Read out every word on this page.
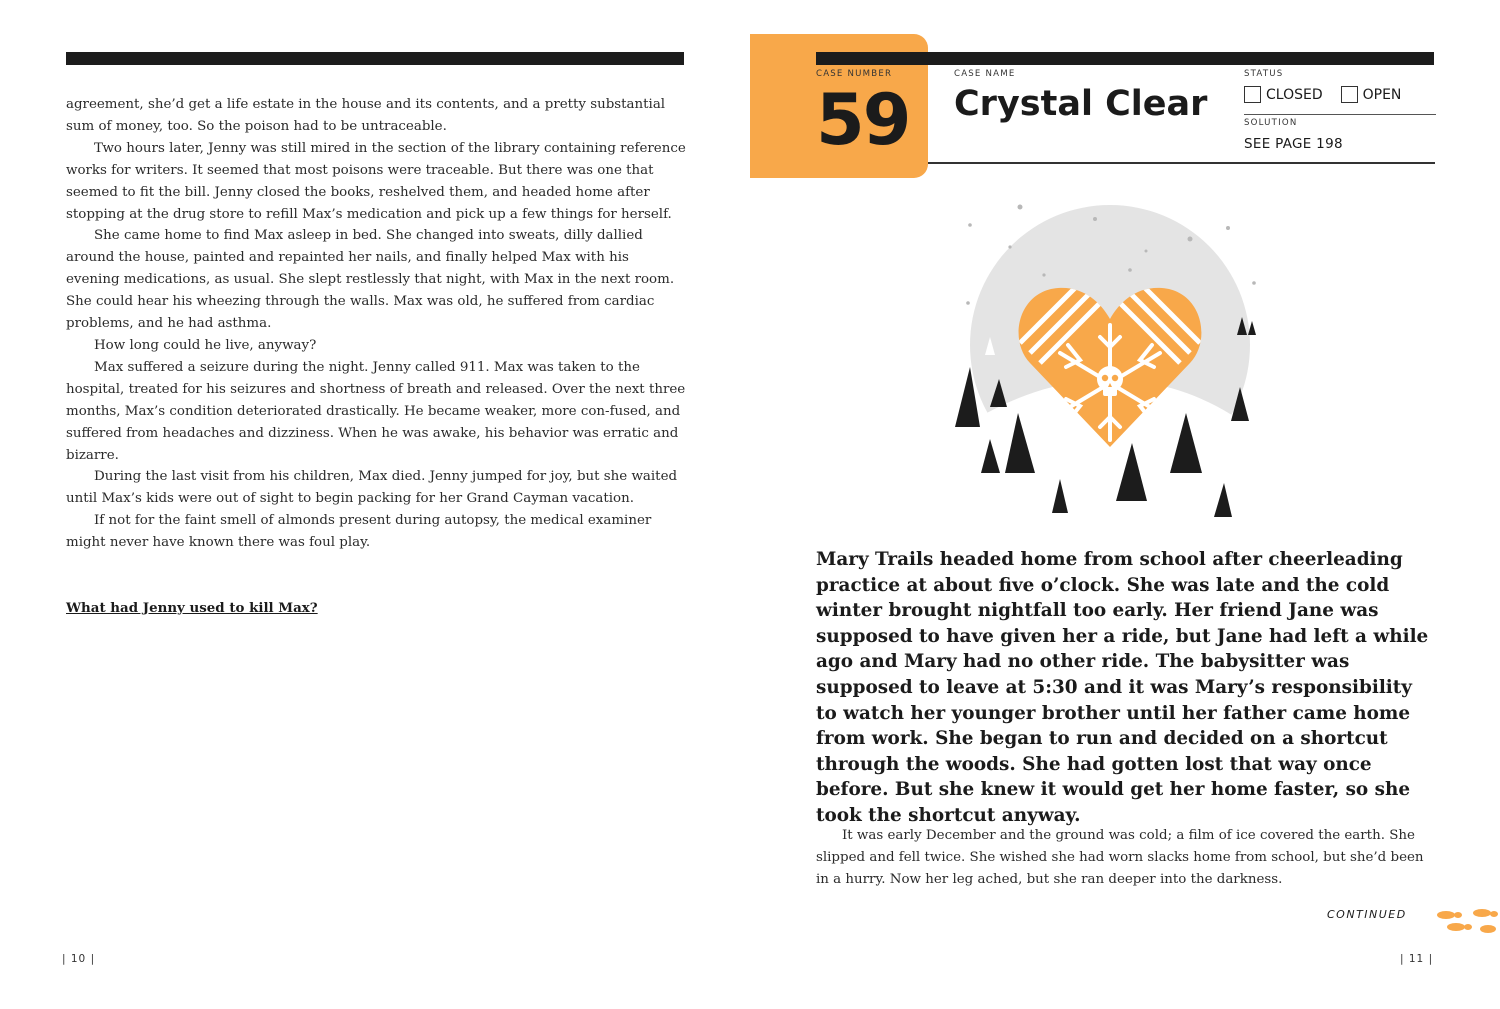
agreement, she’d get a life estate in the house and its contents, and a pretty substantial sum of money, too. So the poison had to be untraceable.

Two hours later, Jenny was still mired in the section of the library containing reference works for writers. It seemed that most poisons were traceable. But there was one that seemed to fit the bill. Jenny closed the books, reshelved them, and headed home after stopping at the drug store to refill Max’s medication and pick up a few things for herself.

She came home to find Max asleep in bed. She changed into sweats, dilly dallied around the house, painted and repainted her nails, and finally helped Max with his evening medications, as usual. She slept restlessly that night, with Max in the next room. She could hear his wheezing through the walls. Max was old, he suffered from cardiac problems, and he had asthma.

How long could he live, anyway?

Max suffered a seizure during the night. Jenny called 911. Max was taken to the hospital, treated for his seizures and shortness of breath and released. Over the next three months, Max’s condition deteriorated drastically. He became weaker, more con-fused, and suffered from headaches and dizziness. When he was awake, his behavior was erratic and bizarre.

During the last visit from his children, Max died. Jenny jumped for joy, but she waited until Max’s kids were out of sight to begin packing for her Grand Cayman vacation.

If not for the faint smell of almonds present during autopsy, the medical examiner might never have known there was foul play.

What had Jenny used to kill Max?
| 10 |
CASE NUMBER
59
CASE NAME
Crystal Clear
STATUS
CLOSED	OPEN
SOLUTION
SEE PAGE 198

Mary Trails headed home from school after cheerleading practice at about five o’clock. She was late and the cold winter brought nightfall too early. Her friend Jane was supposed to have given her a ride, but Jane had left a while ago and Mary had no other ride. The babysitter was supposed to leave at 5:30 and it was Mary’s responsibility to watch her younger brother until her father came home from work. She began to run and decided on a shortcut through the woods. She had gotten lost that way once before. But she knew it would get her home faster, so she took the shortcut anyway.

It was early December and the ground was cold; a film of ice covered the earth. She slipped and fell twice. She wished she had worn slacks home from school, but she’d been in a hurry. Now her leg ached, but she ran deeper into the darkness.

CONTINUED
| 11 |
